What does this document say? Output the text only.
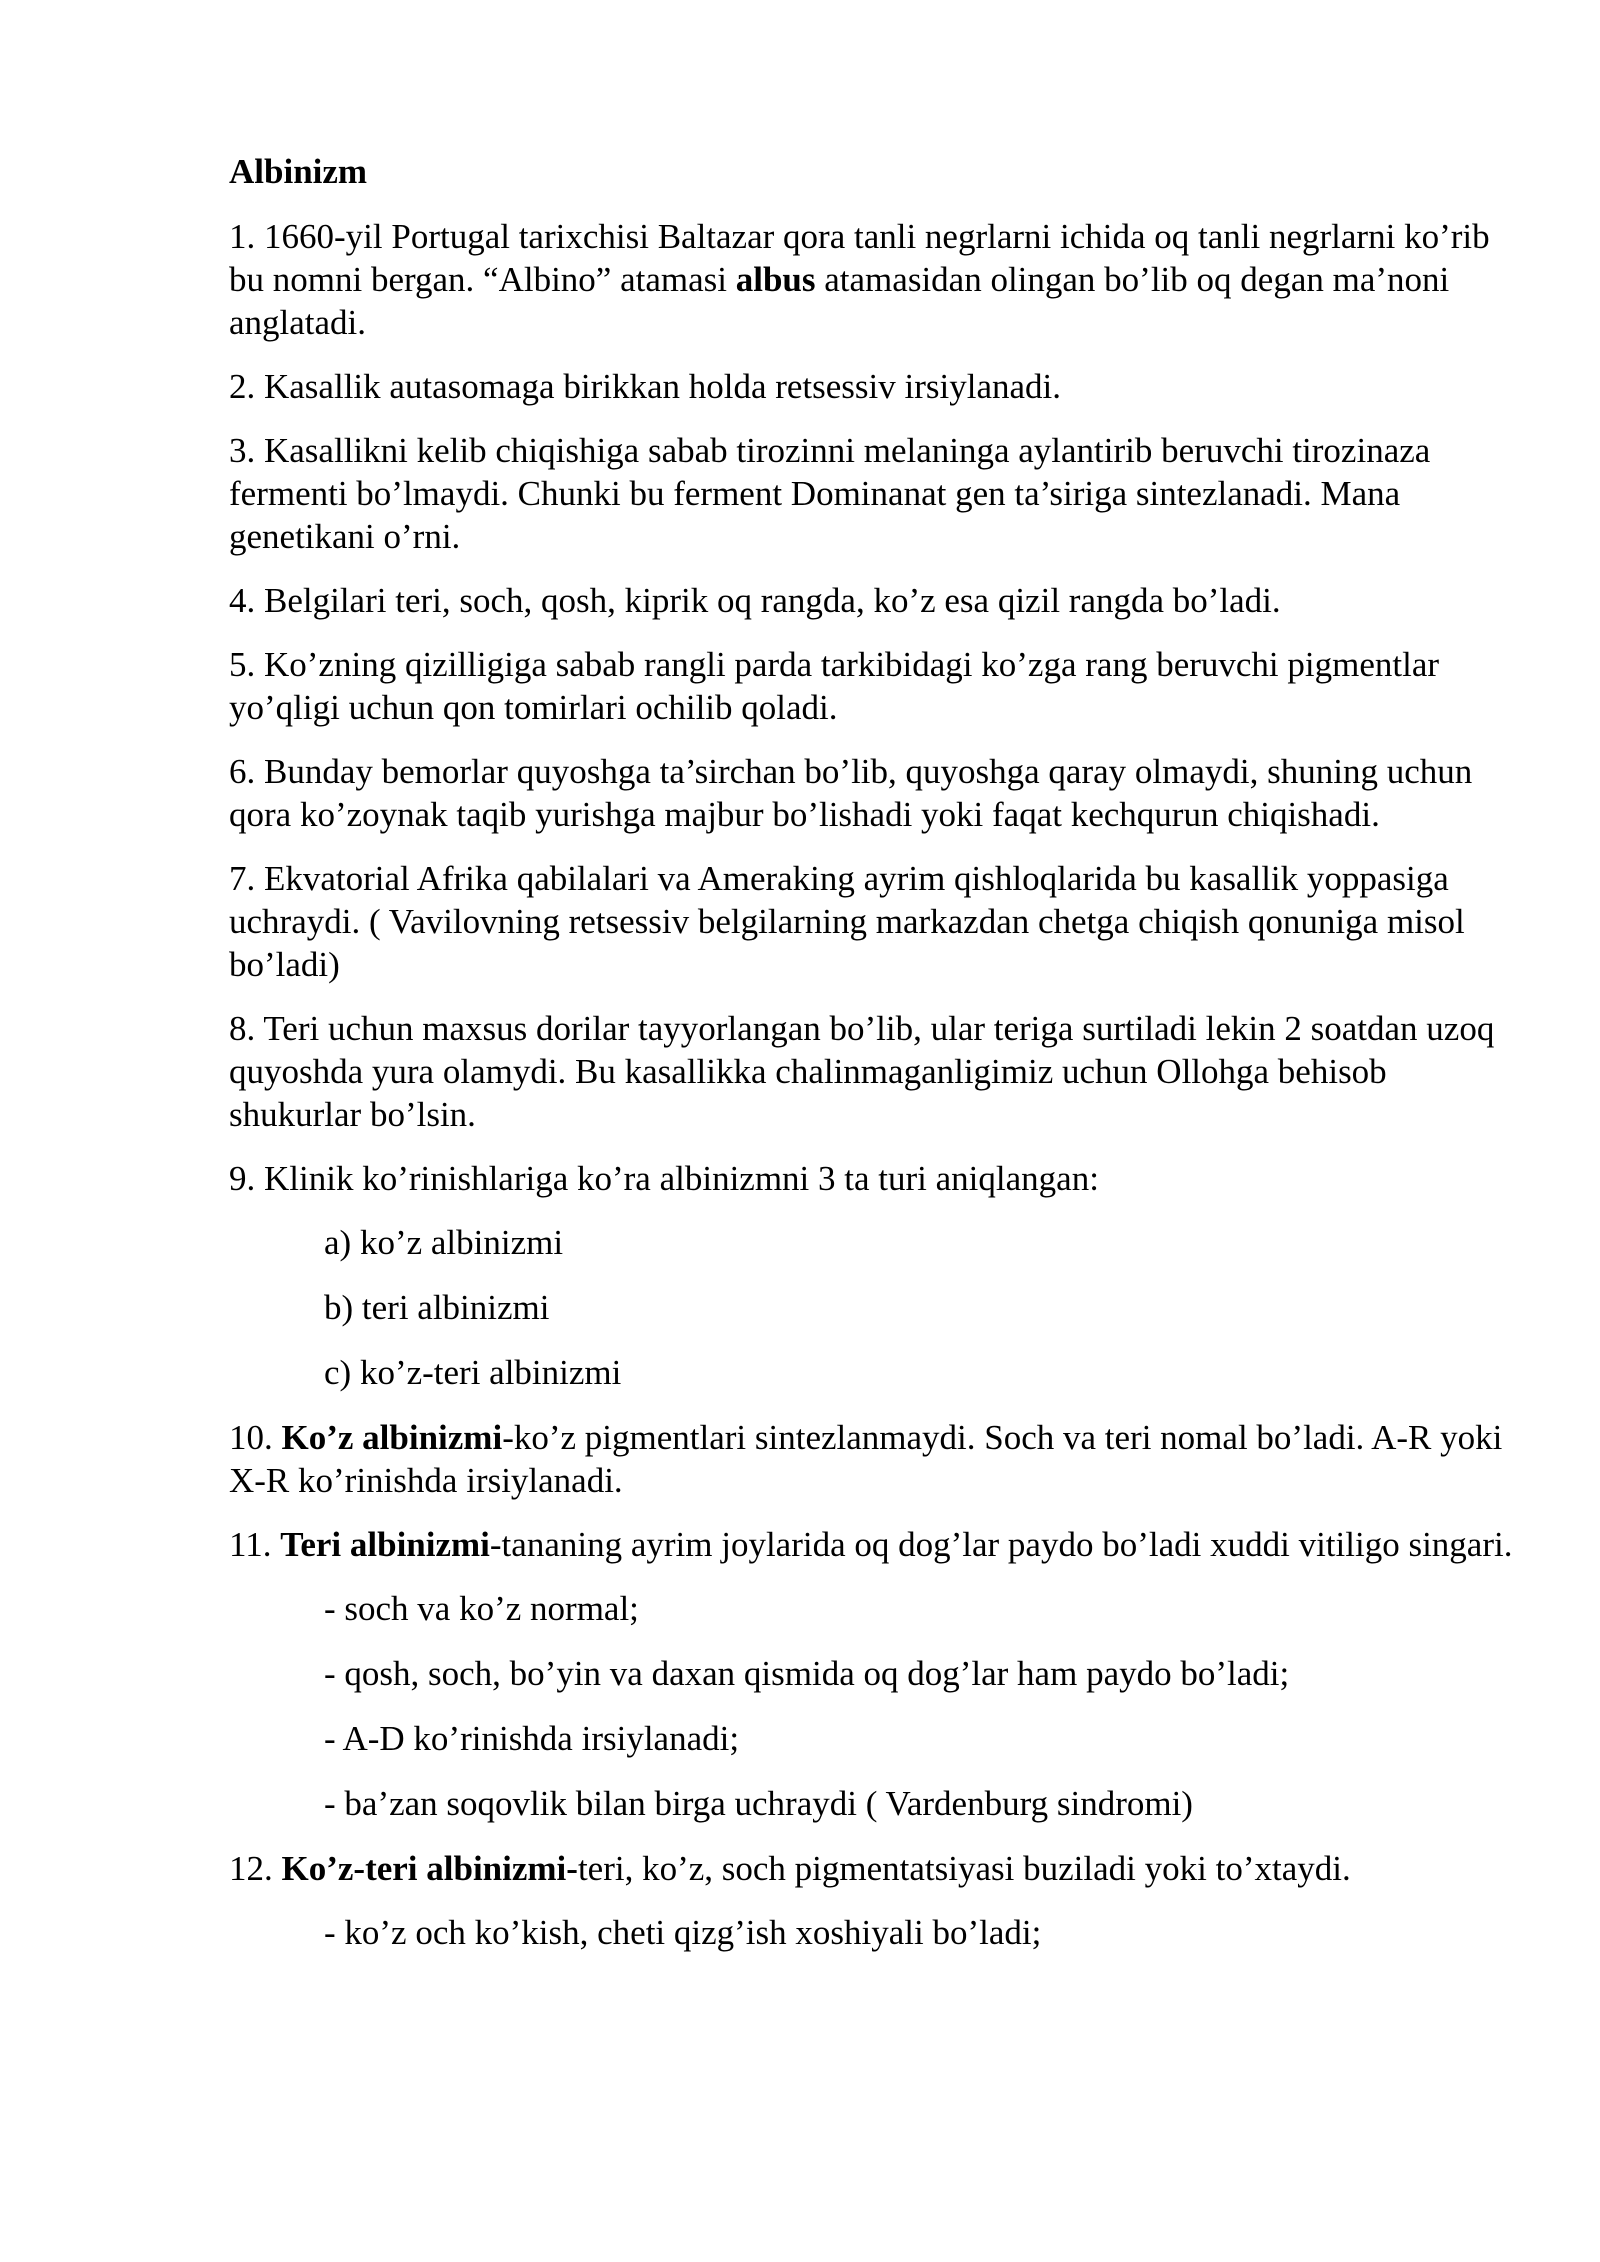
Albinizm
1. 1660-yil Portugal tarixchisi Baltazar qora tanli negrlarni ichida oq tanli negrlarni ko’rib bu nomni bergan. “Albino” atamasi albus atamasidan olingan bo’lib oq degan ma’noni anglatadi.
2. Kasallik autasomaga birikkan holda retsessiv irsiylanadi.
3. Kasallikni kelib chiqishiga sabab tirozinni melaninga aylantirib beruvchi tirozinaza fermenti bo’lmaydi. Chunki bu ferment Dominanat gen ta’siriga sintezlanadi. Mana genetikani o’rni.
4. Belgilari teri, soch, qosh, kiprik oq rangda, ko’z esa qizil rangda bo’ladi.
5. Ko’zning qizilligiga sabab rangli parda tarkibidagi ko’zga rang beruvchi pigmentlar yo’qligi uchun qon tomirlari ochilib qoladi.
6. Bunday bemorlar quyoshga ta’sirchan bo’lib, quyoshga qaray olmaydi, shuning uchun qora ko’zoynak taqib yurishga majbur bo’lishadi yoki faqat kechqurun chiqishadi.
7. Ekvatorial Afrika qabilalari va Ameraking ayrim qishloqlarida bu kasallik yoppasiga uchraydi. ( Vavilovning retsessiv belgilarning markazdan chetga chiqish qonuniga misol bo’ladi)
8. Teri uchun maxsus dorilar tayyorlangan bo’lib, ular teriga surtiladi lekin 2 soatdan uzoq quyoshda yura olamydi. Bu kasallikka chalinmaganligimiz uchun Ollohga behisob shukurlar bo’lsin.
9. Klinik ko’rinishlariga ko’ra albinizmni 3 ta turi aniqlangan:
a) ko’z albinizmi
b) teri albinizmi
c) ko’z-teri albinizmi
10. Ko’z albinizmi-ko’z pigmentlari sintezlanmaydi. Soch va teri nomal bo’ladi. A-R yoki X-R ko’rinishda irsiylanadi.
11. Teri albinizmi-tananing ayrim joylarida oq dog’lar paydo bo’ladi xuddi vitiligo singari.
- soch va ko’z normal;
- qosh, soch, bo’yin va daxan qismida oq dog’lar ham paydo bo’ladi;
- A-D ko’rinishda irsiylanadi;
- ba’zan soqovlik bilan birga uchraydi ( Vardenburg sindromi)
12. Ko’z-teri albinizmi-teri, ko’z, soch pigmentatsiyasi buziladi yoki to’xtaydi.
- ko’z och ko’kish, cheti qizg’ish xoshiyali bo’ladi;
